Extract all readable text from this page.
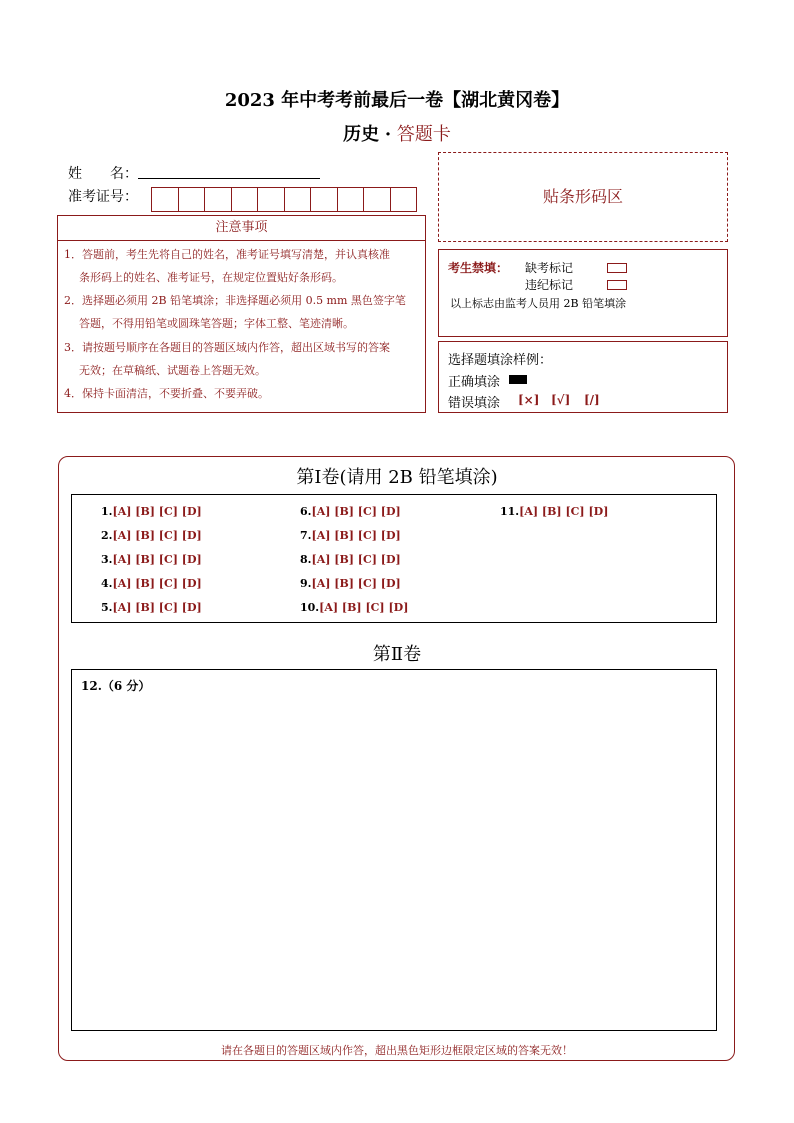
2023 年中考考前最后一卷【湖北黄冈卷】
历史 · 答题卡
姓　　名：
准考证号：
注意事项
1．答题前，考生先将自己的姓名，准考证号填写清楚，并认真核准
条形码上的姓名、准考证号，在规定位置贴好条形码。
2．选择题必须用 2B 铅笔填涂；非选择题必须用 0.5 mm 黑色签字笔
答题，不得用铅笔或圆珠笔答题；字体工整、笔迹清晰。
3．请按题号顺序在各题目的答题区域内作答，超出区域书写的答案
无效；在草稿纸、试题卷上答题无效。
4．保持卡面清洁，不要折叠、不要弄破。
贴条形码区
考生禁填： 缺考标记
违纪标记
以上标志由监考人员用 2B 铅笔填涂
选择题填涂样例：
正确填涂
错误填涂 [×] [√] [/]
第Ⅰ卷(请用 2B 铅笔填涂)
1.[A] [B] [C] [D]
2.[A] [B] [C] [D]
3.[A] [B] [C] [D]
4.[A] [B] [C] [D]
5.[A] [B] [C] [D]
6.[A] [B] [C] [D]
7.[A] [B] [C] [D]
8.[A] [B] [C] [D]
9.[A] [B] [C] [D]
10.[A] [B] [C] [D]
11.[A] [B] [C] [D]
第Ⅱ卷
12.（6 分）
请在各题目的答题区域内作答，超出黑色矩形边框限定区域的答案无效！
